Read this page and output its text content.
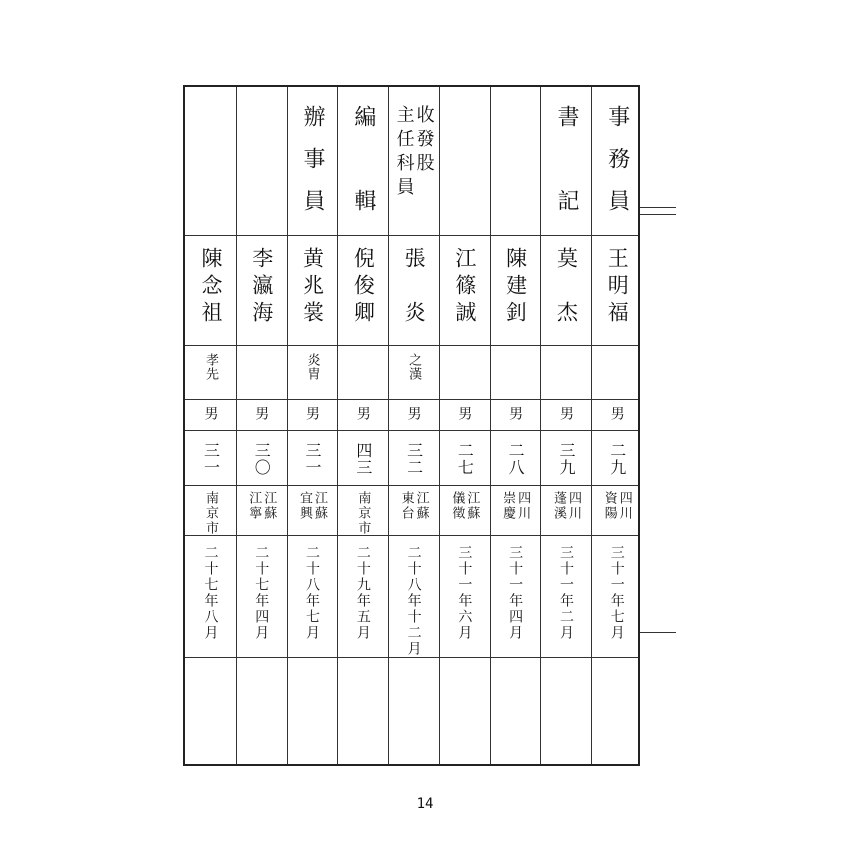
事務員
王明福
男
二九
四川
資陽
三十一年七月
書　記
莫　杰
男
三九
四川
蓬溪
三十一年二月
陳建釗
男
二八
四川
崇慶
三十一年四月
江篠誠
男
二七
江蘇
儀徵
三十一年六月
收發股
主任科員
張　炎
之漢
男
三二
江蘇
東台
二十八年十二月
編　輯
倪俊卿
男
四三
南京市
二十九年五月
辦事員
黄兆裳
炎胄
男
三一
江蘇
宜興
二十八年七月
李瀛海
男
三〇
江蘇
江寧
二十七年四月
陳念祖
孝先
男
三一
南京市
二十七年八月
14
